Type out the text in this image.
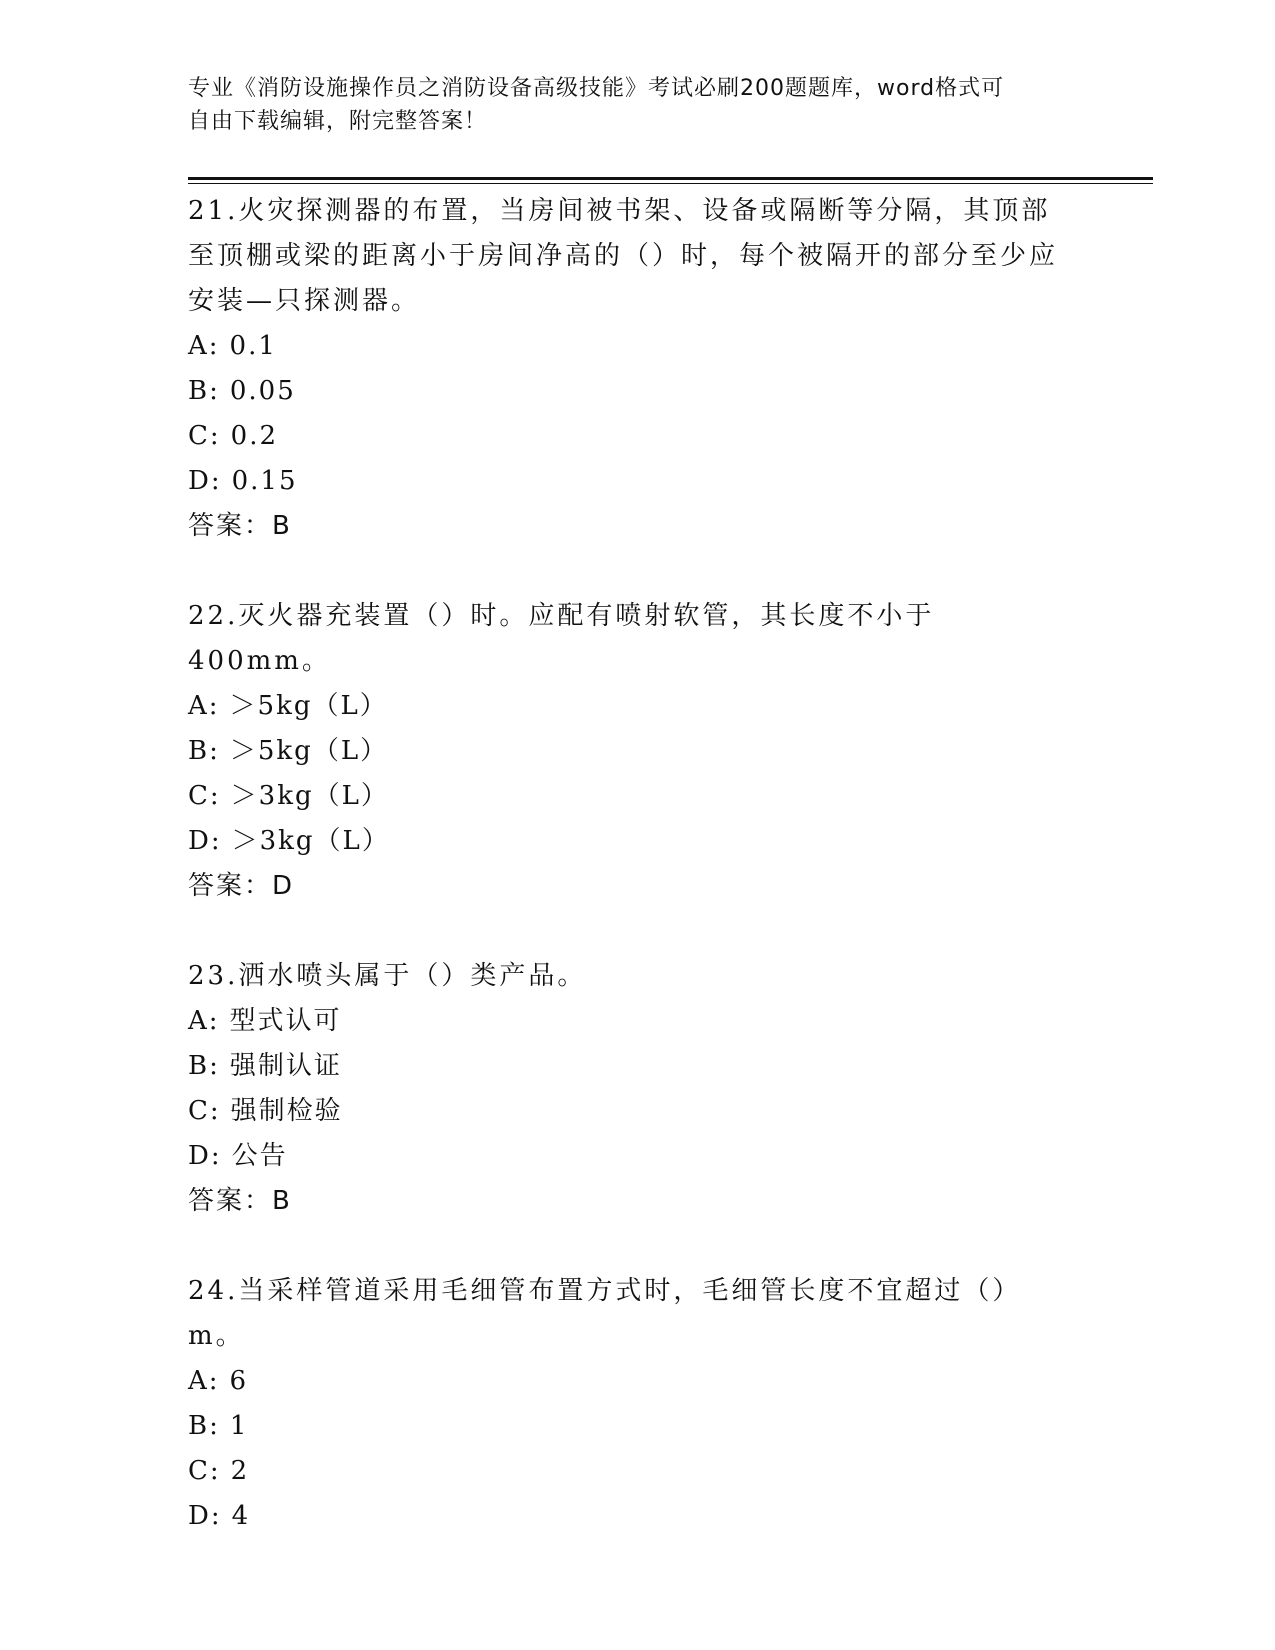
专业《消防设施操作员之消防设备高级技能》考试必刷200题题库，word格式可
自由下载编辑，附完整答案！

21.火灾探测器的布置，当房间被书架、设备或隔断等分隔，其顶部至顶棚或梁的距离小于房间净高的（）时，每个被隔开的部分至少应安装—只探测器。

A: 0.1

B: 0.05

C: 0.2

D: 0.15

答案：B

22.灭火器充装置（）时。应配有喷射软管，其长度不小于400mm。

A: ＞5kg（L）

B: ＞5kg（L）

C: ＞3kg（L）

D: ＞3kg（L）

答案：D

23.洒水喷头属于（）类产品。

A: 型式认可

B: 强制认证

C: 强制检验

D: 公告

答案：B

24.当采样管道采用毛细管布置方式时，毛细管长度不宜超过（）m。

A: 6

B: 1

C: 2

D: 4
